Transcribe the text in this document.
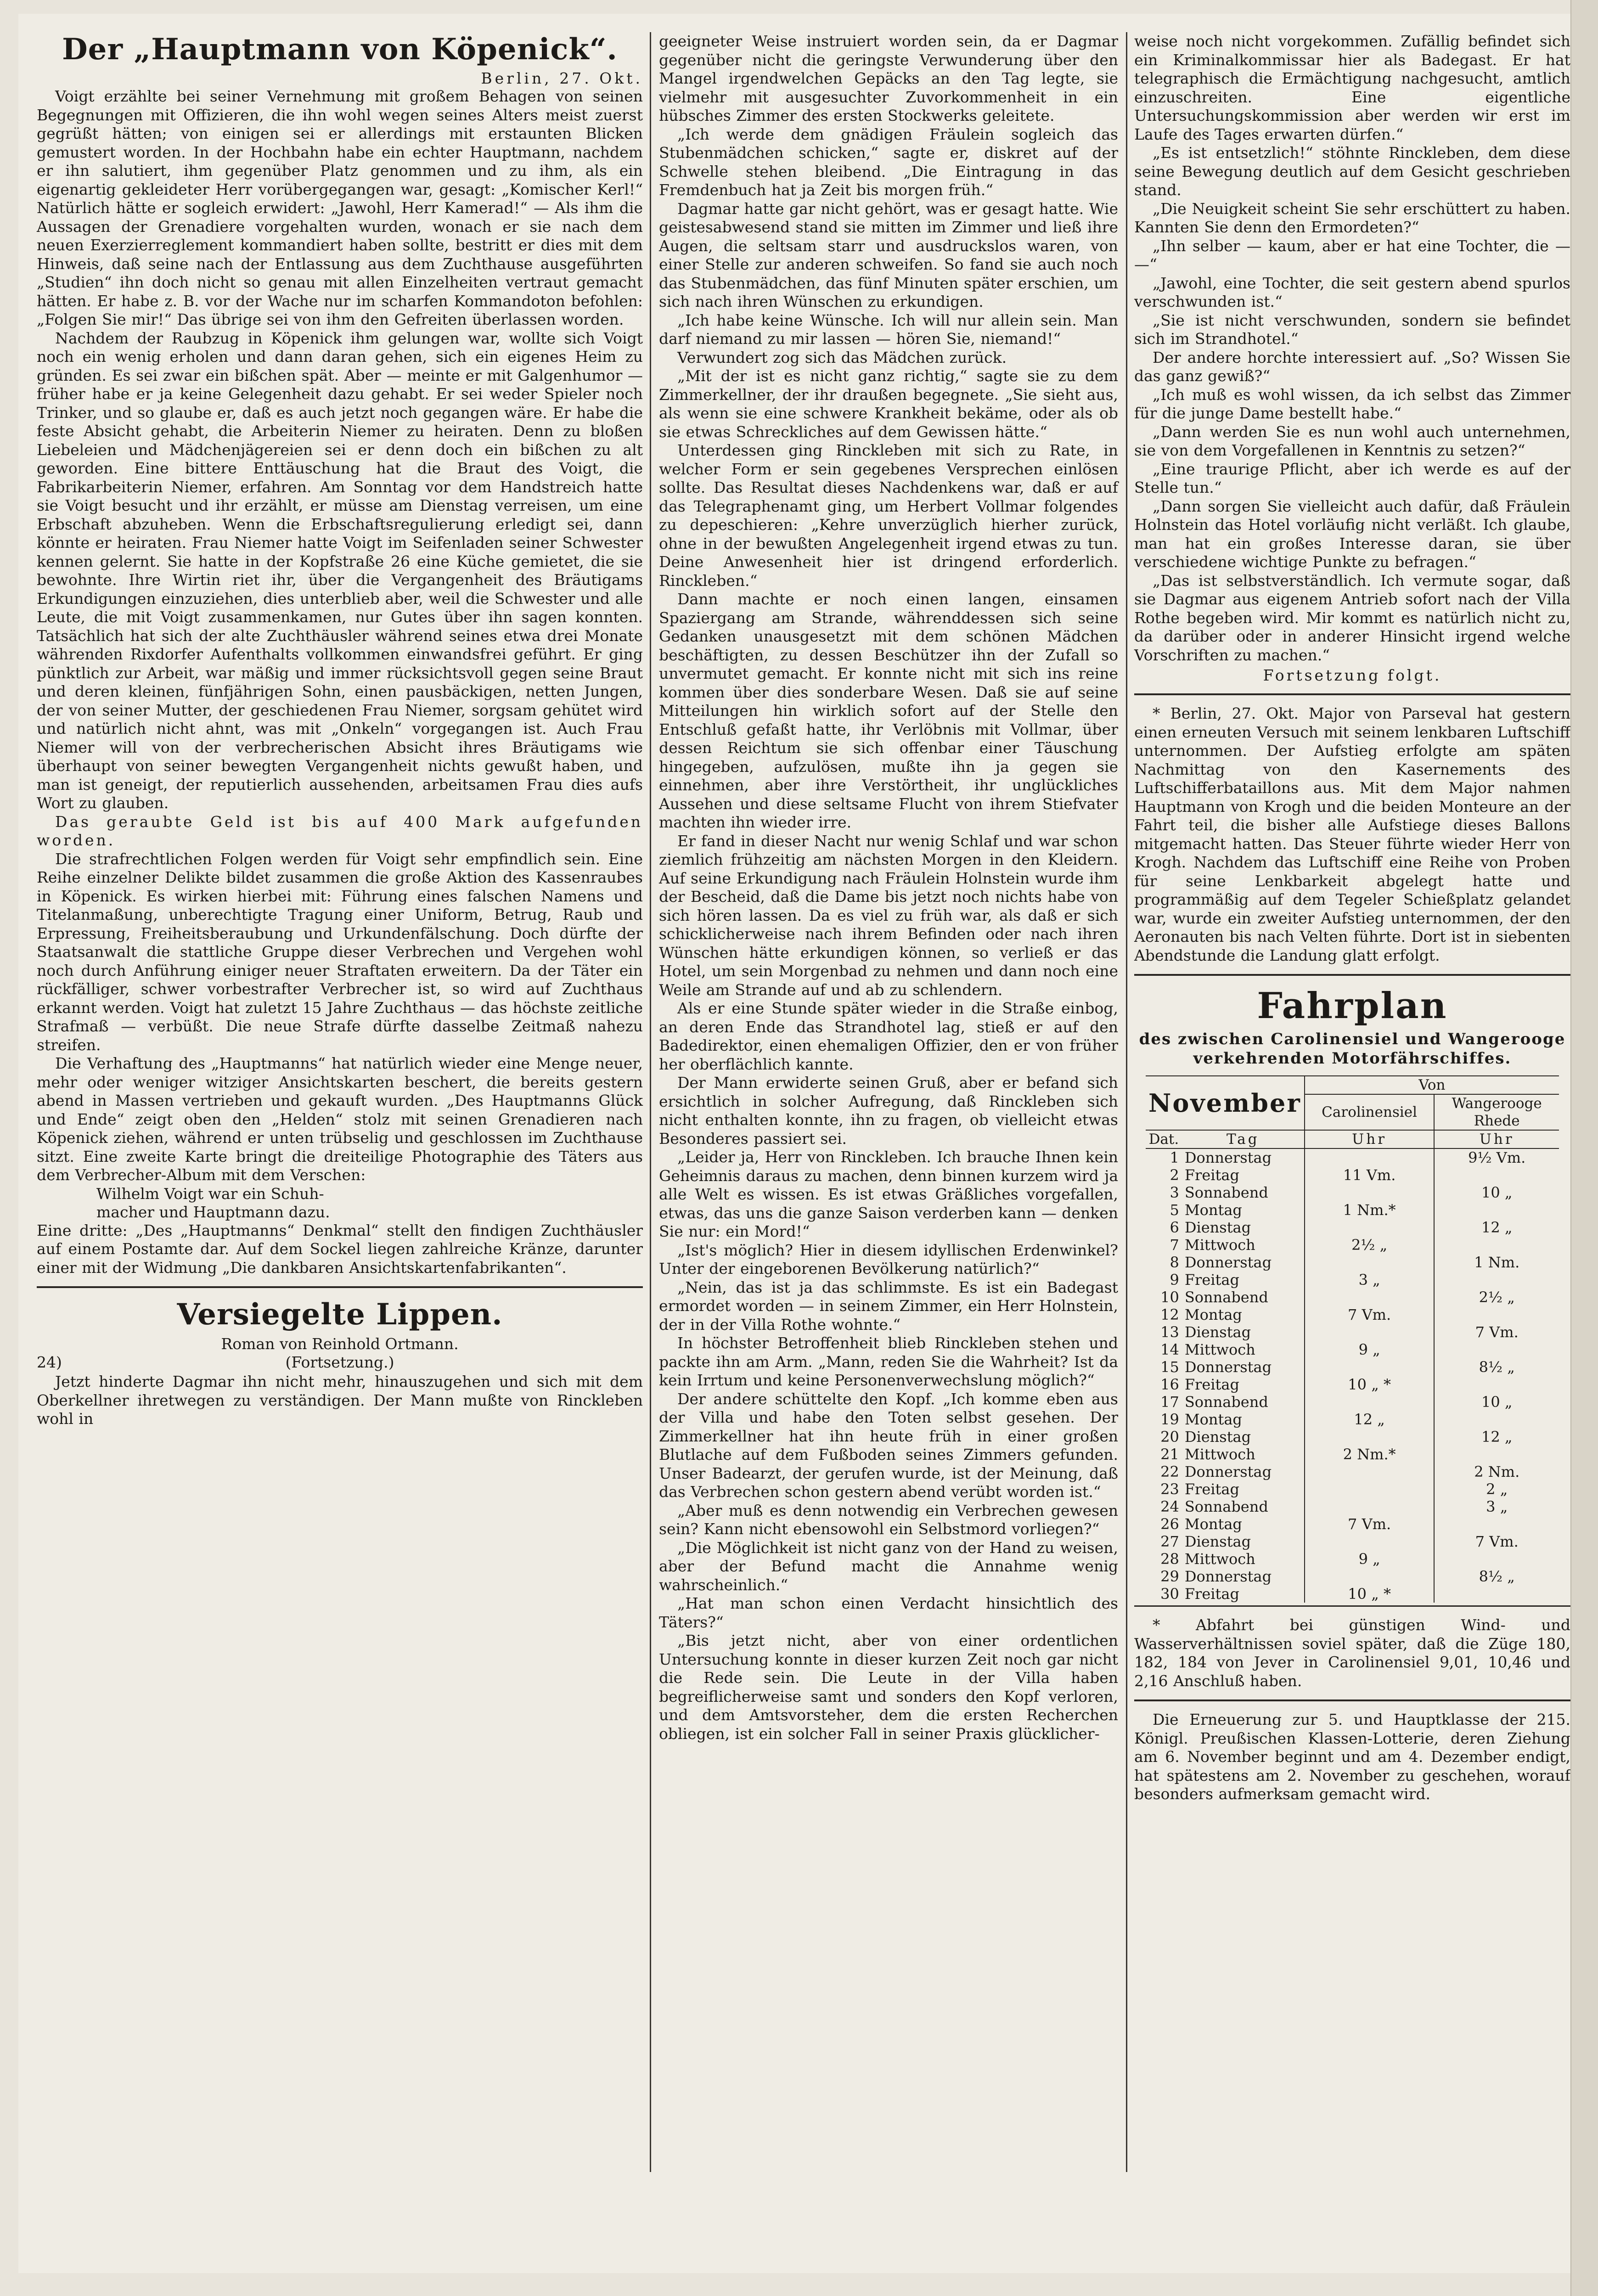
Der „Hauptmann von Köpenick“.

Berlin, 27. Okt.

Voigt erzählte bei seiner Vernehmung mit großem Behagen von seinen Begegnungen mit Offizieren, die ihn wohl wegen seines Alters meist zuerst gegrüßt hätten; von einigen sei er allerdings mit erstaunten Blicken gemustert worden. In der Hochbahn habe ein echter Hauptmann, nachdem er ihn salutiert, ihm gegenüber Platz genommen und zu ihm, als ein eigenartig gekleideter Herr vorübergegangen war, gesagt: „Komischer Kerl!“ Natürlich hätte er sogleich erwidert: „Jawohl, Herr Kamerad!“ — Als ihm die Aussagen der Grenadiere vorgehalten wurden, wonach er sie nach dem neuen Exerzierreglement kommandiert haben sollte, bestritt er dies mit dem Hinweis, daß seine nach der Entlassung aus dem Zuchthause ausgeführten „Studien“ ihn doch nicht so genau mit allen Einzelheiten vertraut gemacht hätten. Er habe z. B. vor der Wache nur im scharfen Kommandoton befohlen: „Folgen Sie mir!“ Das übrige sei von ihm den Gefreiten überlassen worden.

Nachdem der Raubzug in Köpenick ihm gelungen war, wollte sich Voigt noch ein wenig erholen und dann daran gehen, sich ein eigenes Heim zu gründen. Es sei zwar ein bißchen spät. Aber — meinte er mit Galgenhumor — früher habe er ja keine Gelegenheit dazu gehabt. Er sei weder Spieler noch Trinker, und so glaube er, daß es auch jetzt noch gegangen wäre. Er habe die feste Absicht gehabt, die Arbeiterin Niemer zu heiraten. Denn zu bloßen Liebeleien und Mädchenjägereien sei er denn doch ein bißchen zu alt geworden. Eine bittere Enttäuschung hat die Braut des Voigt, die Fabrikarbeiterin Niemer, erfahren. Am Sonntag vor dem Handstreich hatte sie Voigt besucht und ihr erzählt, er müsse am Dienstag verreisen, um eine Erbschaft abzuheben. Wenn die Erbschaftsregulierung erledigt sei, dann könnte er heiraten. Frau Niemer hatte Voigt im Seifenladen seiner Schwester kennen gelernt. Sie hatte in der Kopfstraße 26 eine Küche gemietet, die sie bewohnte. Ihre Wirtin riet ihr, über die Vergangenheit des Bräutigams Erkundigungen einzuziehen, dies unterblieb aber, weil die Schwester und alle Leute, die mit Voigt zusammenkamen, nur Gutes über ihn sagen konnten. Tatsächlich hat sich der alte Zuchthäusler während seines etwa drei Monate währenden Rixdorfer Aufenthalts vollkommen einwandsfrei geführt. Er ging pünktlich zur Arbeit, war mäßig und immer rücksichtsvoll gegen seine Braut und deren kleinen, fünfjährigen Sohn, einen pausbäckigen, netten Jungen, der von seiner Mutter, der geschiedenen Frau Niemer, sorgsam gehütet wird und natürlich nicht ahnt, was mit „Onkeln“ vorgegangen ist. Auch Frau Niemer will von der verbrecherischen Absicht ihres Bräutigams wie überhaupt von seiner bewegten Vergangenheit nichts gewußt haben, und man ist geneigt, der reputierlich aussehenden, arbeitsamen Frau dies aufs Wort zu glauben.

Das geraubte Geld ist bis auf 400 Mark aufgefunden worden.

Die strafrechtlichen Folgen werden für Voigt sehr empfindlich sein. Eine Reihe einzelner Delikte bildet zusammen die große Aktion des Kassenraubes in Köpenick. Es wirken hierbei mit: Führung eines falschen Namens und Titelanmaßung, unberechtigte Tragung einer Uniform, Betrug, Raub und Erpressung, Freiheitsberaubung und Urkundenfälschung. Doch dürfte der Staatsanwalt die stattliche Gruppe dieser Verbrechen und Vergehen wohl noch durch Anführung einiger neuer Straftaten erweitern. Da der Täter ein rückfälliger, schwer vorbestrafter Verbrecher ist, so wird auf Zuchthaus erkannt werden. Voigt hat zuletzt 15 Jahre Zuchthaus — das höchste zeitliche Strafmaß — verbüßt. Die neue Strafe dürfte dasselbe Zeitmaß nahezu streifen.

Die Verhaftung des „Hauptmanns“ hat natürlich wieder eine Menge neuer, mehr oder weniger witziger Ansichtskarten beschert, die bereits gestern abend in Massen vertrieben und gekauft wurden. „Des Hauptmanns Glück und Ende“ zeigt oben den „Helden“ stolz mit seinen Grenadieren nach Köpenick ziehen, während er unten trübselig und geschlossen im Zuchthause sitzt. Eine zweite Karte bringt die dreiteilige Photographie des Täters aus dem Verbrecher-Album mit dem Verschen:

Wilhelm Voigt war ein Schuh-

macher und Hauptmann dazu.

Eine dritte: „Des „Hauptmanns“ Denkmal“ stellt den findigen Zuchthäusler auf einem Postamte dar. Auf dem Sockel liegen zahlreiche Kränze, darunter einer mit der Widmung „Die dankbaren Ansichtskartenfabrikanten“.

Versiegelte Lippen.

Roman von Reinhold Ortmann.

24)	(Fortsetzung.)

Jetzt hinderte Dagmar ihn nicht mehr, hinauszugehen und sich mit dem Oberkellner ihretwegen zu verständigen. Der Mann mußte von Rinckleben wohl in

geeigneter Weise instruiert worden sein, da er Dagmar gegenüber nicht die geringste Verwunderung über den Mangel irgendwelchen Gepäcks an den Tag legte, sie vielmehr mit ausgesuchter Zuvorkommenheit in ein hübsches Zimmer des ersten Stockwerks geleitete.

„Ich werde dem gnädigen Fräulein sogleich das Stubenmädchen schicken,“ sagte er, diskret auf der Schwelle stehen bleibend. „Die Eintragung in das Fremdenbuch hat ja Zeit bis morgen früh.“

Dagmar hatte gar nicht gehört, was er gesagt hatte. Wie geistesabwesend stand sie mitten im Zimmer und ließ ihre Augen, die seltsam starr und ausdruckslos waren, von einer Stelle zur anderen schweifen. So fand sie auch noch das Stubenmädchen, das fünf Minuten später erschien, um sich nach ihren Wünschen zu erkundigen.

„Ich habe keine Wünsche. Ich will nur allein sein. Man darf niemand zu mir lassen — hören Sie, niemand!“

Verwundert zog sich das Mädchen zurück.

„Mit der ist es nicht ganz richtig,“ sagte sie zu dem Zimmerkellner, der ihr draußen begegnete. „Sie sieht aus, als wenn sie eine schwere Krankheit bekäme, oder als ob sie etwas Schreckliches auf dem Gewissen hätte.“

Unterdessen ging Rinckleben mit sich zu Rate, in welcher Form er sein gegebenes Versprechen einlösen sollte. Das Resultat dieses Nachdenkens war, daß er auf das Telegraphenamt ging, um Herbert Vollmar folgendes zu depeschieren: „Kehre unverzüglich hierher zurück, ohne in der bewußten Angelegenheit irgend etwas zu tun. Deine Anwesenheit hier ist dringend erforderlich. Rinckleben.“

Dann machte er noch einen langen, einsamen Spaziergang am Strande, währenddessen sich seine Gedanken unausgesetzt mit dem schönen Mädchen beschäftigten, zu dessen Beschützer ihn der Zufall so unvermutet gemacht. Er konnte nicht mit sich ins reine kommen über dies sonderbare Wesen. Daß sie auf seine Mitteilungen hin wirklich sofort auf der Stelle den Entschluß gefaßt hatte, ihr Verlöbnis mit Vollmar, über dessen Reichtum sie sich offenbar einer Täuschung hingegeben, aufzulösen, mußte ihn ja gegen sie einnehmen, aber ihre Verstörtheit, ihr unglückliches Aussehen und diese seltsame Flucht von ihrem Stiefvater machten ihn wieder irre.

Er fand in dieser Nacht nur wenig Schlaf und war schon ziemlich frühzeitig am nächsten Morgen in den Kleidern. Auf seine Erkundigung nach Fräulein Holnstein wurde ihm der Bescheid, daß die Dame bis jetzt noch nichts habe von sich hören lassen. Da es viel zu früh war, als daß er sich schicklicherweise nach ihrem Befinden oder nach ihren Wünschen hätte erkundigen können, so verließ er das Hotel, um sein Morgenbad zu nehmen und dann noch eine Weile am Strande auf und ab zu schlendern.

Als er eine Stunde später wieder in die Straße einbog, an deren Ende das Strandhotel lag, stieß er auf den Badedirektor, einen ehemaligen Offizier, den er von früher her oberflächlich kannte.

Der Mann erwiderte seinen Gruß, aber er befand sich ersichtlich in solcher Aufregung, daß Rinckleben sich nicht enthalten konnte, ihn zu fragen, ob vielleicht etwas Besonderes passiert sei.

„Leider ja, Herr von Rinckleben. Ich brauche Ihnen kein Geheimnis daraus zu machen, denn binnen kurzem wird ja alle Welt es wissen. Es ist etwas Gräßliches vorgefallen, etwas, das uns die ganze Saison verderben kann — denken Sie nur: ein Mord!“

„Ist's möglich? Hier in diesem idyllischen Erdenwinkel? Unter der eingeborenen Bevölkerung natürlich?“

„Nein, das ist ja das schlimmste. Es ist ein Badegast ermordet worden — in seinem Zimmer, ein Herr Holnstein, der in der Villa Rothe wohnte.“

In höchster Betroffenheit blieb Rinckleben stehen und packte ihn am Arm. „Mann, reden Sie die Wahrheit? Ist da kein Irrtum und keine Personenverwechslung möglich?“

Der andere schüttelte den Kopf. „Ich komme eben aus der Villa und habe den Toten selbst gesehen. Der Zimmerkellner hat ihn heute früh in einer großen Blutlache auf dem Fußboden seines Zimmers gefunden. Unser Badearzt, der gerufen wurde, ist der Meinung, daß das Verbrechen schon gestern abend verübt worden ist.“

„Aber muß es denn notwendig ein Verbrechen gewesen sein? Kann nicht ebensowohl ein Selbstmord vorliegen?“

„Die Möglichkeit ist nicht ganz von der Hand zu weisen, aber der Befund macht die Annahme wenig wahrscheinlich.“

„Hat man schon einen Verdacht hinsichtlich des Täters?“

„Bis jetzt nicht, aber von einer ordentlichen Untersuchung konnte in dieser kurzen Zeit noch gar nicht die Rede sein. Die Leute in der Villa haben begreiflicherweise samt und sonders den Kopf verloren, und dem Amtsvorsteher, dem die ersten Recherchen obliegen, ist ein solcher Fall in seiner Praxis glücklicher-

weise noch nicht vorgekommen. Zufällig befindet sich ein Kriminalkommissar hier als Badegast. Er hat telegraphisch die Ermächtigung nachgesucht, amtlich einzuschreiten. Eine eigentliche Untersuchungskommission aber werden wir erst im Laufe des Tages erwarten dürfen.“

„Es ist entsetzlich!“ stöhnte Rinckleben, dem diese seine Bewegung deutlich auf dem Gesicht geschrieben stand.

„Die Neuigkeit scheint Sie sehr erschüttert zu haben. Kannten Sie denn den Ermordeten?“

„Ihn selber — kaum, aber er hat eine Tochter, die — —“

„Jawohl, eine Tochter, die seit gestern abend spurlos verschwunden ist.“

„Sie ist nicht verschwunden, sondern sie befindet sich im Strandhotel.“

Der andere horchte interessiert auf. „So? Wissen Sie das ganz gewiß?“

„Ich muß es wohl wissen, da ich selbst das Zimmer für die junge Dame bestellt habe.“

„Dann werden Sie es nun wohl auch unternehmen, sie von dem Vorgefallenen in Kenntnis zu setzen?“

„Eine traurige Pflicht, aber ich werde es auf der Stelle tun.“

„Dann sorgen Sie vielleicht auch dafür, daß Fräulein Holnstein das Hotel vorläufig nicht verläßt. Ich glaube, man hat ein großes Interesse daran, sie über verschiedene wichtige Punkte zu befragen.“

„Das ist selbstverständlich. Ich vermute sogar, daß sie Dagmar aus eigenem Antrieb sofort nach der Villa Rothe begeben wird. Mir kommt es natürlich nicht zu, da darüber oder in anderer Hinsicht irgend welche Vorschriften zu machen.“

Fortsetzung folgt.

* Berlin, 27. Okt. Major von Parseval hat gestern einen erneuten Versuch mit seinem lenkbaren Luftschiff unternommen. Der Aufstieg erfolgte am späten Nachmittag von den Kasernements des Luftschifferbataillons aus. Mit dem Major nahmen Hauptmann von Krogh und die beiden Monteure an der Fahrt teil, die bisher alle Aufstiege dieses Ballons mitgemacht hatten. Das Steuer führte wieder Herr von Krogh. Nachdem das Luftschiff eine Reihe von Proben für seine Lenkbarkeit abgelegt hatte und programmäßig auf dem Tegeler Schießplatz gelandet war, wurde ein zweiter Aufstieg unternommen, der den Aeronauten bis nach Velten führte. Dort ist in siebenten Abendstunde die Landung glatt erfolgt.

Fahrplan

des zwischen Carolinensiel und Wangerooge

verkehrenden Motorfährschiffes.

November		Von	
		Carolinensiel	Wangerooge Rhede
Dat.	Tag	Uhr	Uhr
1	Donnerstag		9½ Vm.
2	Freitag	11 Vm.	
3	Sonnabend		10 „
5	Montag	1 Nm.*	
6	Dienstag		12 „
7	Mittwoch	2½ „	
8	Donnerstag		1 Nm.
9	Freitag	3 „	
10	Sonnabend		2½ „
12	Montag	7 Vm.	
13	Dienstag		7 Vm.
14	Mittwoch	9 „	
15	Donnerstag		8½ „
16	Freitag	10 „ *	
17	Sonnabend		10 „
19	Montag	12 „	
20	Dienstag		12 „
21	Mittwoch	2 Nm.*	
22	Donnerstag		2 Nm.
23	Freitag		2 „
24	Sonnabend		3 „
26	Montag	7 Vm.	
27	Dienstag		7 Vm.
28	Mittwoch	9 „	
29	Donnerstag		8½ „
30	Freitag	10 „ *	

* Abfahrt bei günstigen Wind- und Wasserverhältnissen soviel später, daß die Züge 180, 182, 184 von Jever in Carolinensiel 9,01, 10,46 und 2,16 Anschluß haben.

Die Erneuerung zur 5. und Hauptklasse der 215. Königl. Preußischen Klassen-Lotterie, deren Ziehung am 6. November beginnt und am 4. Dezember endigt, hat spätestens am 2. November zu geschehen, worauf besonders aufmerksam gemacht wird.
